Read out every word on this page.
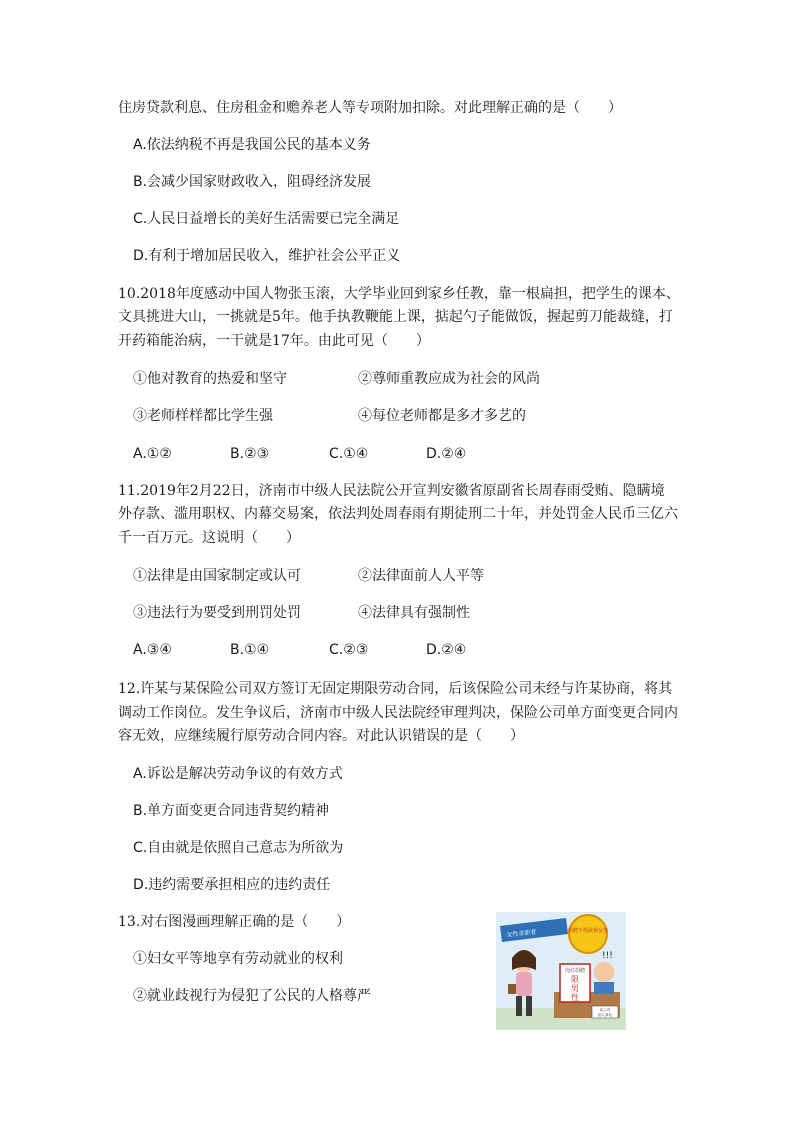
住房贷款利息、住房租金和赡养老人等专项附加扣除。对此理解正确的是（　　）
A.依法纳税不再是我国公民的基本义务
B.会减少国家财政收入，阻碍经济发展
C.人民日益增长的美好生活需要已完全满足
D.有利于增加居民收入，维护社会公平正义
10.2018年度感动中国人物张玉滚，大学毕业回到家乡任教，靠一根扁担，把学生的课本、
文具挑进大山，一挑就是5年。他手执教鞭能上课，掂起勺子能做饭，握起剪刀能裁缝，打
开药箱能治病，一干就是17年。由此可见（　　）
①他对教育的热爱和坚守	②尊师重教应成为社会的风尚
③老师样样都比学生强	④每位老师都是多才多艺的
A.①②	B.②③	C.①④	D.②④
11.2019年2月22日，济南市中级人民法院公开宣判安徽省原副省长周春雨受贿、隐瞒境
外存款、滥用职权、内幕交易案，依法判处周春雨有期徒刑二十年，并处罚金人民币三亿六
千一百万元。这说明（　　）
①法律是由国家制定或认可	②法律面前人人平等
③违法行为要受到刑罚处罚	④法律具有强制性
A.③④	B.①④	C.②③	D.②④
12.许某与某保险公司双方签订无固定期限劳动合同，后该保险公司未经与许某协商，将其
调动工作岗位。发生争议后，济南市中级人民法院经审理判决，保险公司单方面变更合同内
容无效，应继续履行原劳动合同内容。对此认识错误的是（　　）
A.诉讼是解决劳动争议的有效方式
B.单方面变更合同违背契约精神
C.自由就是依照自己意志为所欲为
D.违约需要承担相应的违约责任
13.对右图漫画理解正确的是（　　）
①妇女平等地享有劳动就业的权利
②就业歧视行为侵犯了公民的人格尊严
女性求职者	招聘不得歧视女性
岗位招聘
限
男
性
!!!
某公司
招人事处
